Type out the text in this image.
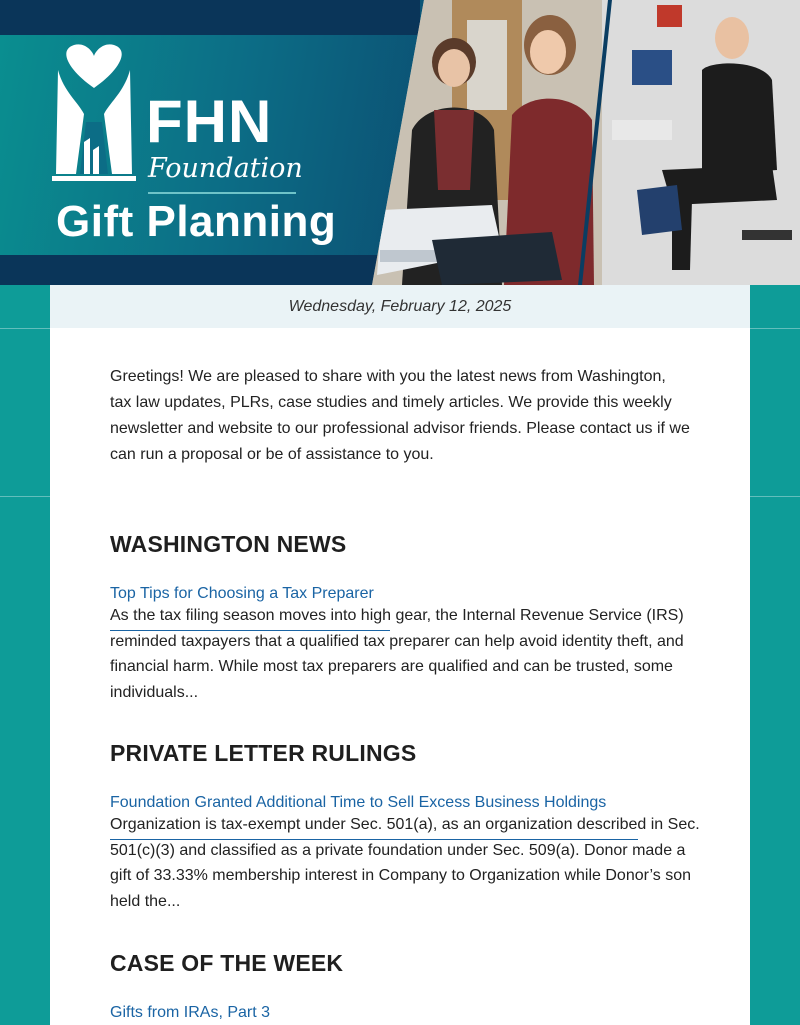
FHN
Foundation
Gift Planning
Wednesday, February 12, 2025

Greetings! We are pleased to share with you the latest news from Washington, tax law updates, PLRs, case studies and timely articles. We provide this weekly newsletter and website to our professional advisor friends. Please contact us if we can run a proposal or be of assistance to you.

WASHINGTON NEWS
Top Tips for Choosing a Tax Preparer

As the tax filing season moves into high gear, the Internal Revenue Service (IRS) reminded taxpayers that a qualified tax preparer can help avoid identity theft, and financial harm. While most tax preparers are qualified and can be trusted, some individuals...

PRIVATE LETTER RULINGS
Foundation Granted Additional Time to Sell Excess Business Holdings

Organization is tax-exempt under Sec. 501(a), as an organization described in Sec. 501(c)(3) and classified as a private foundation under Sec. 509(a). Donor made a gift of 33.33% membership interest in Company to Organization while Donor’s son held the...

CASE OF THE WEEK
Gifts from IRAs, Part 3
